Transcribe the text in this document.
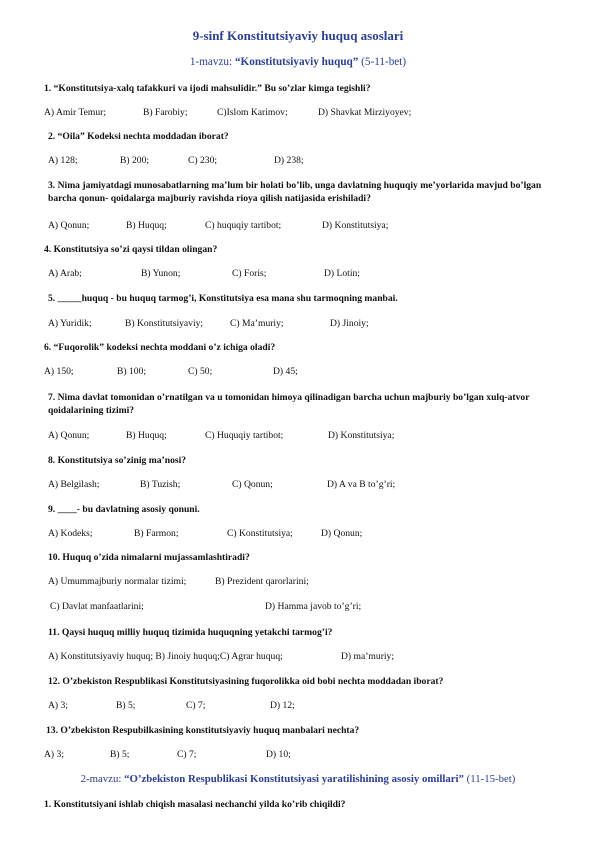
9-sinf Konstitutsiyaviy huquq asoslari
1-mavzu: “Konstitutsiyaviy huquq” (5-11-bet)
1. “Konstitutsiya-xalq tafakkuri va ijodi mahsulidir.” Bu so’zlar kimga tegishli?
A) Amir Temur;	B) Farobiy;	C)Islom Karimov;	D) Shavkat Mirziyoyev;
2. “Oila” Kodeksi nechta moddadan iborat?
A) 128;	B) 200;	C) 230;	D) 238;
3. Nima jamiyatdagi munosabatlarning ma’lum bir holati bo’lib, unga davlatning huquqiy me’yorlarida mavjud bo’lgan barcha qonun- qoidalarga majburiy ravishda rioya qilish natijasida erishiladi?
A) Qonun;	B) Huquq;	C) huquqiy tartibot;	D) Konstitutsiya;
4. Konstitutsiya so’zi qaysi tildan olingan?
A) Arab;	B) Yunon;	C) Foris;	D) Lotin;
5. _____huquq - bu huquq tarmog’i, Konstitutsiya esa mana shu tarmoqning manbai.
A) Yuridik;	B) Konstitutsiyaviy;	C) Ma’muriy;	D) Jinoiy;
6. “Fuqorolik” kodeksi nechta moddani o’z ichiga oladi?
A) 150;	B) 100;	C) 50;	D) 45;
7. Nima davlat tomonidan o’rnatilgan va u tomonidan himoya qilinadigan barcha uchun majburiy bo’lgan xulq-atvor qoidalarining tizimi?
A) Qonun;	B) Huquq;	C) Huquqiy tartibot;	D) Konstitutsiya;
8. Konstitutsiya so’zinig ma’nosi?
A) Belgilash;	B) Tuzish;	C) Qonun;	D) A va B to’g’ri;
9. ____- bu davlatning asosiy qonuni.
A) Kodeks;	B) Farmon;	C) Konstitutsiya;	D) Qonun;
10. Huquq o’zida nimalarni mujassamlashtiradi?
A) Umummajburiy normalar tizimi;	B) Prezident qarorlarini;
C) Davlat manfaatlarini;	D) Hamma javob to’g’ri;
11. Qaysi huquq milliy huquq tizimida huquqning yetakchi tarmog’i?
A) Konstitutsiyaviy huquq; B) Jinoiy huquq;C) Agrar huquq;	D) ma’muriy;
12. O’zbekiston Respublikasi Konstitutsiyasining fuqorolikka oid bobi nechta moddadan iborat?
A) 3;	B) 5;	C) 7;	D) 12;
13. O’zbekiston Respubilkasining konstitutsiyaviy huquq manbalari nechta?
A) 3;	B) 5;	C) 7;	D) 10;
2-mavzu: “O’zbekiston Respublikasi Konstitutsiyasi yaratilishining asosiy omillari” (11-15-bet)
1. Konstitutsiyani ishlab chiqish masalasi nechanchi yilda ko’rib chiqildi?
